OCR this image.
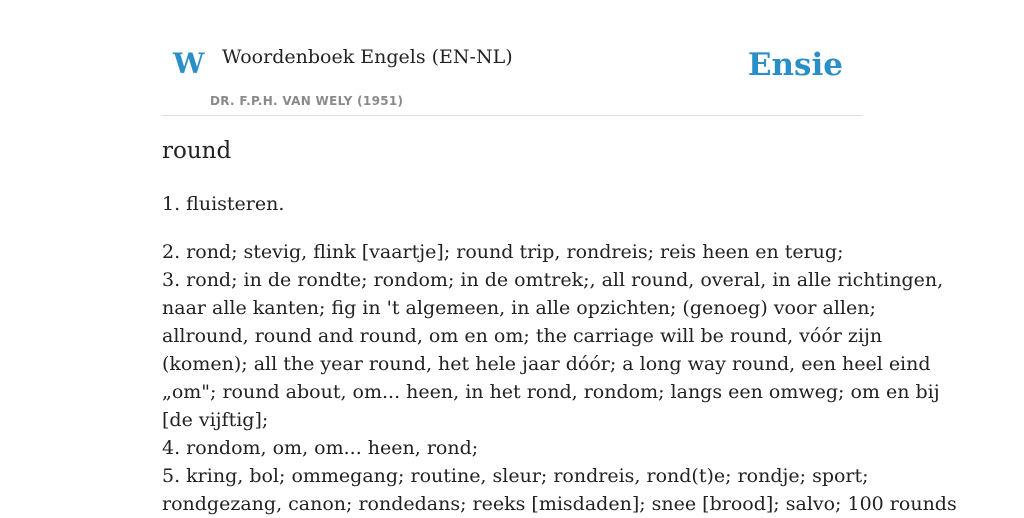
W Woordenboek Engels (EN-NL)
DR. F.P.H. VAN WELY (1951)
Ensie
round

1. fluisteren.

2. rond; stevig, flink [vaartje]; round trip, rondreis; reis heen en terug;
3. rond; in de rondte; rondom; in de omtrek;, all round, overal, in alle richtingen,
naar alle kanten; fig in 't algemeen, in alle opzichten; (genoeg) voor allen;
allround, round and round, om en om; the carriage will be round, vóór zijn
(komen); all the year round, het hele jaar dóór; a long way round, een heel eind
„om"; round about, om... heen, in het rond, rondom; langs een omweg; om en bij
[de vijftig];
4. rondom, om, om... heen, rond;
5. kring, bol; ommegang; routine, sleur; rondreis, rond(t)e; rondje; sport;
rondgezang, canon; rondedans; reeks [misdaden]; snee [brood]; salvo; 100 rounds
